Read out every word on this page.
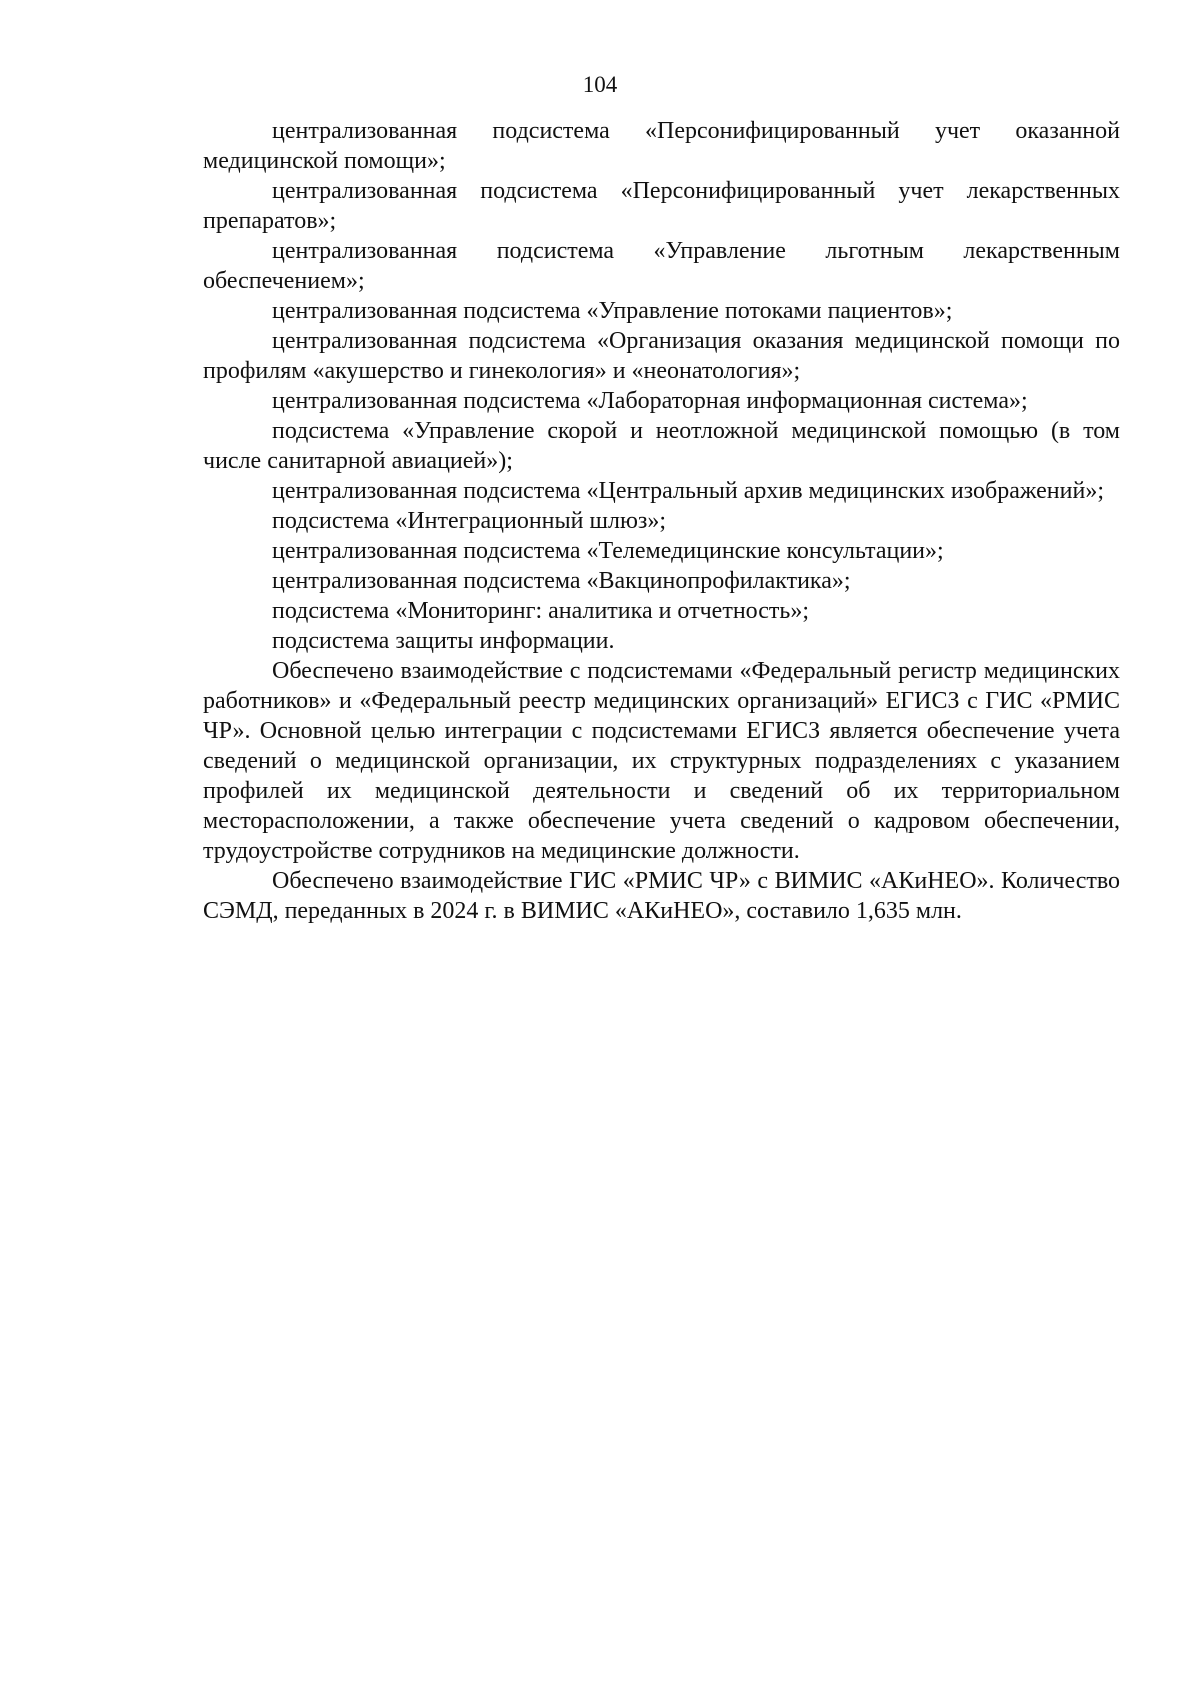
104

централизованная подсистема «Персонифицированный учет оказанной медицинской помощи»;

централизованная подсистема «Персонифицированный учет лекарственных препаратов»;

централизованная подсистема «Управление льготным лекарственным обеспечением»;

централизованная подсистема «Управление потоками пациентов»;

централизованная подсистема «Организация оказания медицинской помощи по профилям «акушерство и гинекология» и «неонатология»;

централизованная подсистема «Лабораторная информационная система»;

подсистема «Управление скорой и неотложной медицинской помощью (в том числе санитарной авиацией»);

централизованная подсистема «Центральный архив медицинских изображений»;

подсистема «Интеграционный шлюз»;

централизованная подсистема «Телемедицинские консультации»;

централизованная подсистема «Вакцинопрофилактика»;

подсистема «Мониторинг: аналитика и отчетность»;

подсистема защиты информации.

Обеспечено взаимодействие с подсистемами «Федеральный регистр медицинских работников» и «Федеральный реестр медицинских организаций» ЕГИСЗ с ГИС «РМИС ЧР». Основной целью интеграции с подсистемами ЕГИСЗ является обеспечение учета сведений о медицинской организации, их структурных подразделениях с указанием профилей их медицинской деятельности и сведений об их территориальном месторасположении, а также обеспечение учета сведений о кадровом обеспечении, трудоустройстве сотрудников на медицинские должности.

Обеспечено взаимодействие ГИС «РМИС ЧР» с ВИМИС «АКиНЕО». Количество СЭМД, переданных в 2024 г. в ВИМИС «АКиНЕО», составило 1,635 млн.
